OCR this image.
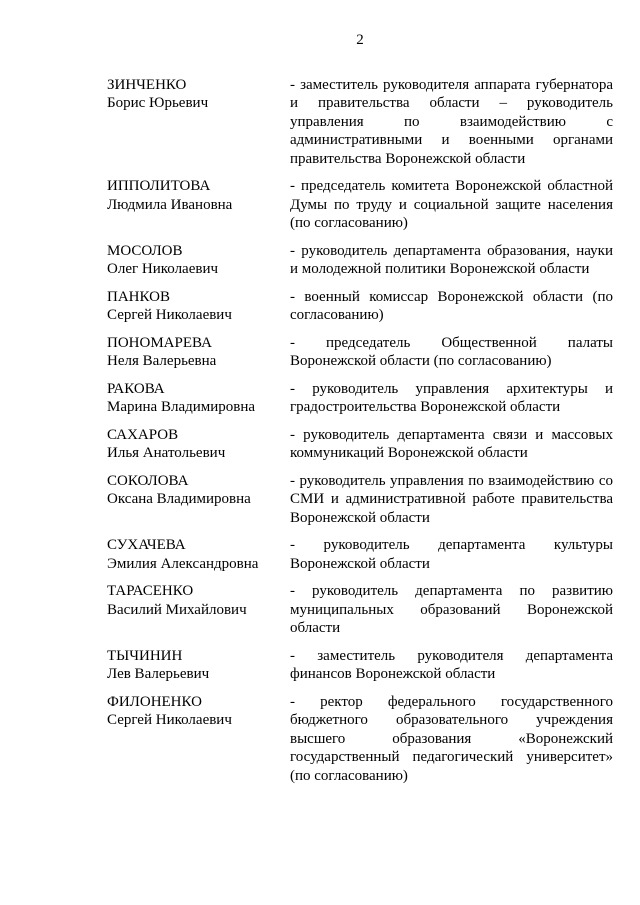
2
ЗИНЧЕНКО
Борис Юрьевич
- заместитель руководителя аппарата губернатора и правительства области – руководитель управления по взаимодействию с административными и военными органами правительства Воронежской области
ИППОЛИТОВА
Людмила Ивановна
- председатель комитета Воронежской областной Думы по труду и социальной защите населения (по согласованию)
МОСОЛОВ
Олег Николаевич
- руководитель департамента образования, науки и молодежной политики Воронежской области
ПАНКОВ
Сергей Николаевич
- военный комиссар Воронежской области (по согласованию)
ПОНОМАРЕВА
Неля Валерьевна
- председатель Общественной палаты Воронежской области (по согласованию)
РАКОВА
Марина Владимировна
- руководитель управления архитектуры и градостроительства Воронежской области
САХАРОВ
Илья Анатольевич
- руководитель департамента связи и массовых коммуникаций Воронежской области
СОКОЛОВА
Оксана Владимировна
- руководитель управления по взаимодействию со СМИ и административной работе правительства Воронежской области
СУХАЧЕВА
Эмилия Александровна
- руководитель департамента культуры Воронежской области
ТАРАСЕНКО
Василий Михайлович
- руководитель департамента по развитию муниципальных образований Воронежской области
ТЫЧИНИН
Лев Валерьевич
- заместитель руководителя департамента финансов Воронежской области
ФИЛОНЕНКО
Сергей Николаевич
- ректор федерального государственного бюджетного образовательного учреждения высшего образования «Воронежский государственный педагогический университет» (по согласованию)
